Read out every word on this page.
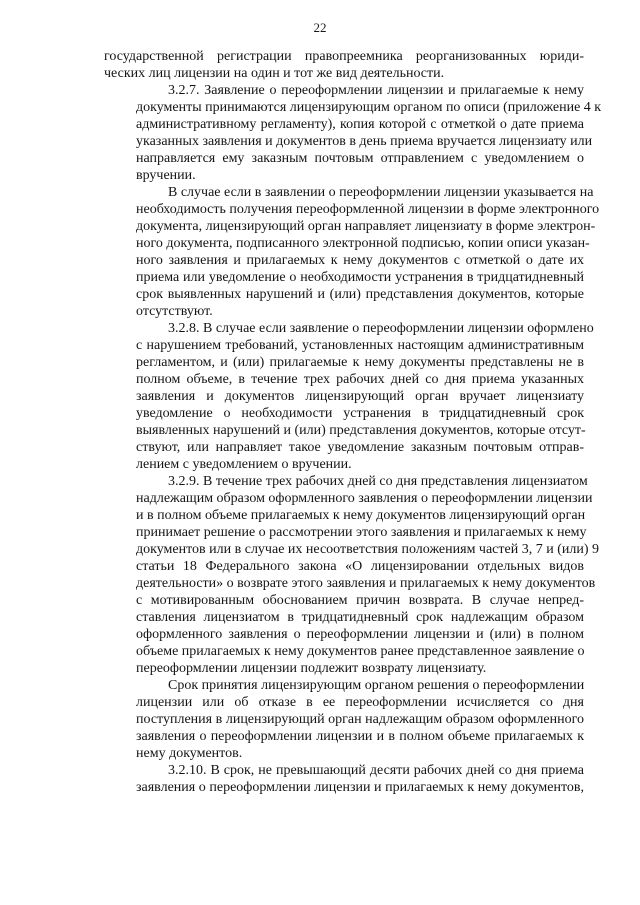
22
государственной регистрации правопреемника реорганизованных юриди-
ческих лиц лицензии на один и тот же вид деятельности.
3.2.7. Заявление о переоформлении лицензии и прилагаемые к нему
документы принимаются лицензирующим органом по описи (приложение 4 к
административному регламенту), копия которой с отметкой о дате приема
указанных заявления и документов в день приема вручается лицензиату или
направляется ему заказным почтовым отправлением с уведомлением о
вручении.
В случае если в заявлении о переоформлении лицензии указывается на
необходимость получения переоформленной лицензии в форме электронного
документа, лицензирующий орган направляет лицензиату в форме электрон-
ного документа, подписанного электронной подписью, копии описи указан-
ного заявления и прилагаемых к нему документов с отметкой о дате их
приема или уведомление о необходимости устранения в тридцатидневный
срок выявленных нарушений и (или) представления документов, которые
отсутствуют.
3.2.8. В случае если заявление о переоформлении лицензии оформлено
с нарушением требований, установленных настоящим административным
регламентом, и (или) прилагаемые к нему документы представлены не в
полном объеме, в течение трех рабочих дней со дня приема указанных
заявления и документов лицензирующий орган вручает лицензиату
уведомление о необходимости устранения в тридцатидневный срок
выявленных нарушений и (или) представления документов, которые отсут-
ствуют, или направляет такое уведомление заказным почтовым отправ-
лением с уведомлением о вручении.
3.2.9. В течение трех рабочих дней со дня представления лицензиатом
надлежащим образом оформленного заявления о переоформлении лицензии
и в полном объеме прилагаемых к нему документов лицензирующий орган
принимает решение о рассмотрении этого заявления и прилагаемых к нему
документов или в случае их несоответствия положениям частей 3, 7 и (или) 9
статьи 18 Федерального закона «О лицензировании отдельных видов
деятельности» о возврате этого заявления и прилагаемых к нему документов
с мотивированным обоснованием причин возврата. В случае непред-
ставления лицензиатом в тридцатидневный срок надлежащим образом
оформленного заявления о переоформлении лицензии и (или) в полном
объеме прилагаемых к нему документов ранее представленное заявление о
переоформлении лицензии подлежит возврату лицензиату.
Срок принятия лицензирующим органом решения о переоформлении
лицензии или об отказе в ее переоформлении исчисляется со дня
поступления в лицензирующий орган надлежащим образом оформленного
заявления о переоформлении лицензии и в полном объеме прилагаемых к
нему документов.
3.2.10. В срок, не превышающий десяти рабочих дней со дня приема
заявления о переоформлении лицензии и прилагаемых к нему документов,
